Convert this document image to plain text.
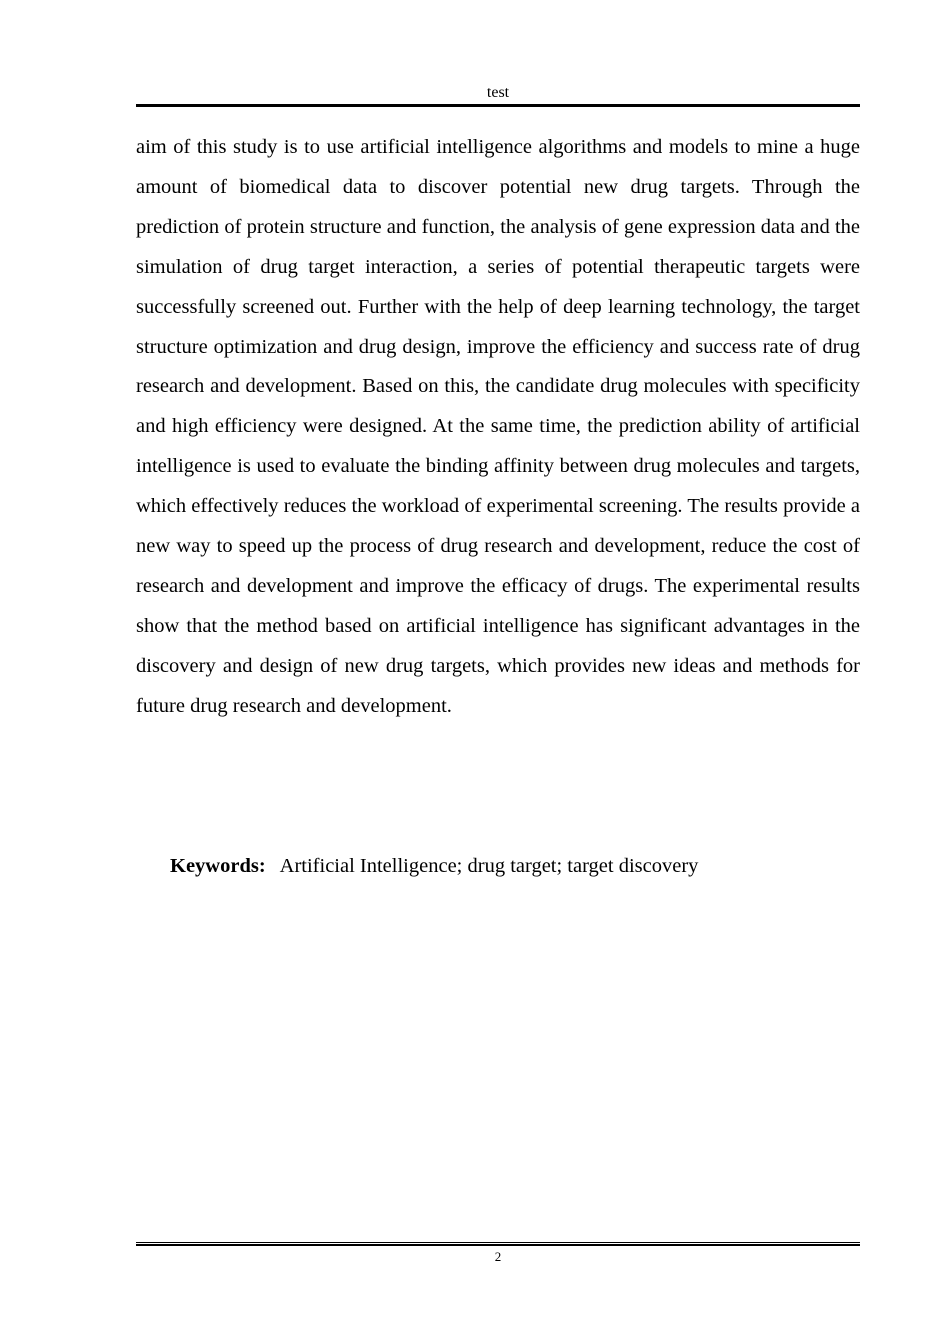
test

aim of this study is to use artificial intelligence algorithms and models to mine a huge amount of biomedical data to discover potential new drug targets. Through the prediction of protein structure and function, the analysis of gene expression data and the simulation of drug target interaction, a series of potential therapeutic targets were successfully screened out. Further with the help of deep learning technology, the target structure optimization and drug design, improve the efficiency and success rate of drug research and development. Based on this, the candidate drug molecules with specificity and high efficiency were designed. At the same time, the prediction ability of artificial intelligence is used to evaluate the binding affinity between drug molecules and targets, which effectively reduces the workload of experimental screening. The results provide a new way to speed up the process of drug research and development, reduce the cost of research and development and improve the efficacy of drugs. The experimental results show that the method based on artificial intelligence has significant advantages in the discovery and design of new drug targets, which provides new ideas and methods for future drug research and development.

Keywords: Artificial Intelligence; drug target; target discovery
2
